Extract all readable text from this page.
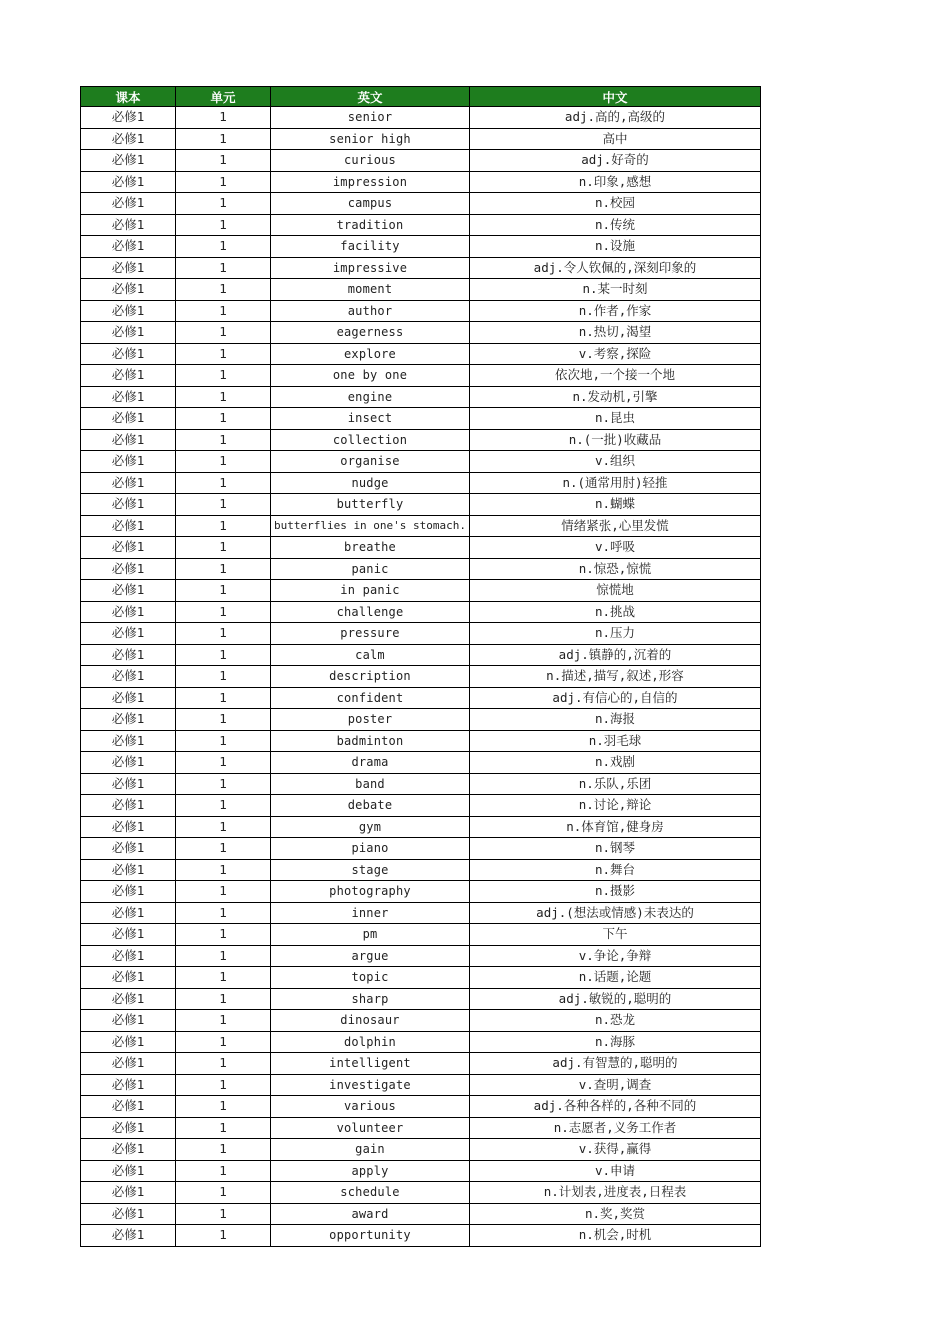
课本	单元	英文	中文
必修1	1	senior	adj.高的,高级的
必修1	1	senior high	高中
必修1	1	curious	adj.好奇的
必修1	1	impression	n.印象,感想
必修1	1	campus	n.校园
必修1	1	tradition	n.传统
必修1	1	facility	n.设施
必修1	1	impressive	adj.令人钦佩的,深刻印象的
必修1	1	moment	n.某一时刻
必修1	1	author	n.作者,作家
必修1	1	eagerness	n.热切,渴望
必修1	1	explore	v.考察,探险
必修1	1	one by one	依次地,一个接一个地
必修1	1	engine	n.发动机,引擎
必修1	1	insect	n.昆虫
必修1	1	collection	n.(一批)收藏品
必修1	1	organise	v.组织
必修1	1	nudge	n.(通常用肘)轻推
必修1	1	butterfly	n.蝴蝶
必修1	1	butterflies in one's stomach.	情绪紧张,心里发慌
必修1	1	breathe	v.呼吸
必修1	1	panic	n.惊恐,惊慌
必修1	1	in panic	惊慌地
必修1	1	challenge	n.挑战
必修1	1	pressure	n.压力
必修1	1	calm	adj.镇静的,沉着的
必修1	1	description	n.描述,描写,叙述,形容
必修1	1	confident	adj.有信心的,自信的
必修1	1	poster	n.海报
必修1	1	badminton	n.羽毛球
必修1	1	drama	n.戏剧
必修1	1	band	n.乐队,乐团
必修1	1	debate	n.讨论,辩论
必修1	1	gym	n.体育馆,健身房
必修1	1	piano	n.钢琴
必修1	1	stage	n.舞台
必修1	1	photography	n.摄影
必修1	1	inner	adj.(想法或情感)未表达的
必修1	1	pm	下午
必修1	1	argue	v.争论,争辩
必修1	1	topic	n.话题,论题
必修1	1	sharp	adj.敏锐的,聪明的
必修1	1	dinosaur	n.恐龙
必修1	1	dolphin	n.海豚
必修1	1	intelligent	adj.有智慧的,聪明的
必修1	1	investigate	v.查明,调查
必修1	1	various	adj.各种各样的,各种不同的
必修1	1	volunteer	n.志愿者,义务工作者
必修1	1	gain	v.获得,赢得
必修1	1	apply	v.申请
必修1	1	schedule	n.计划表,进度表,日程表
必修1	1	award	n.奖,奖赏
必修1	1	opportunity	n.机会,时机
